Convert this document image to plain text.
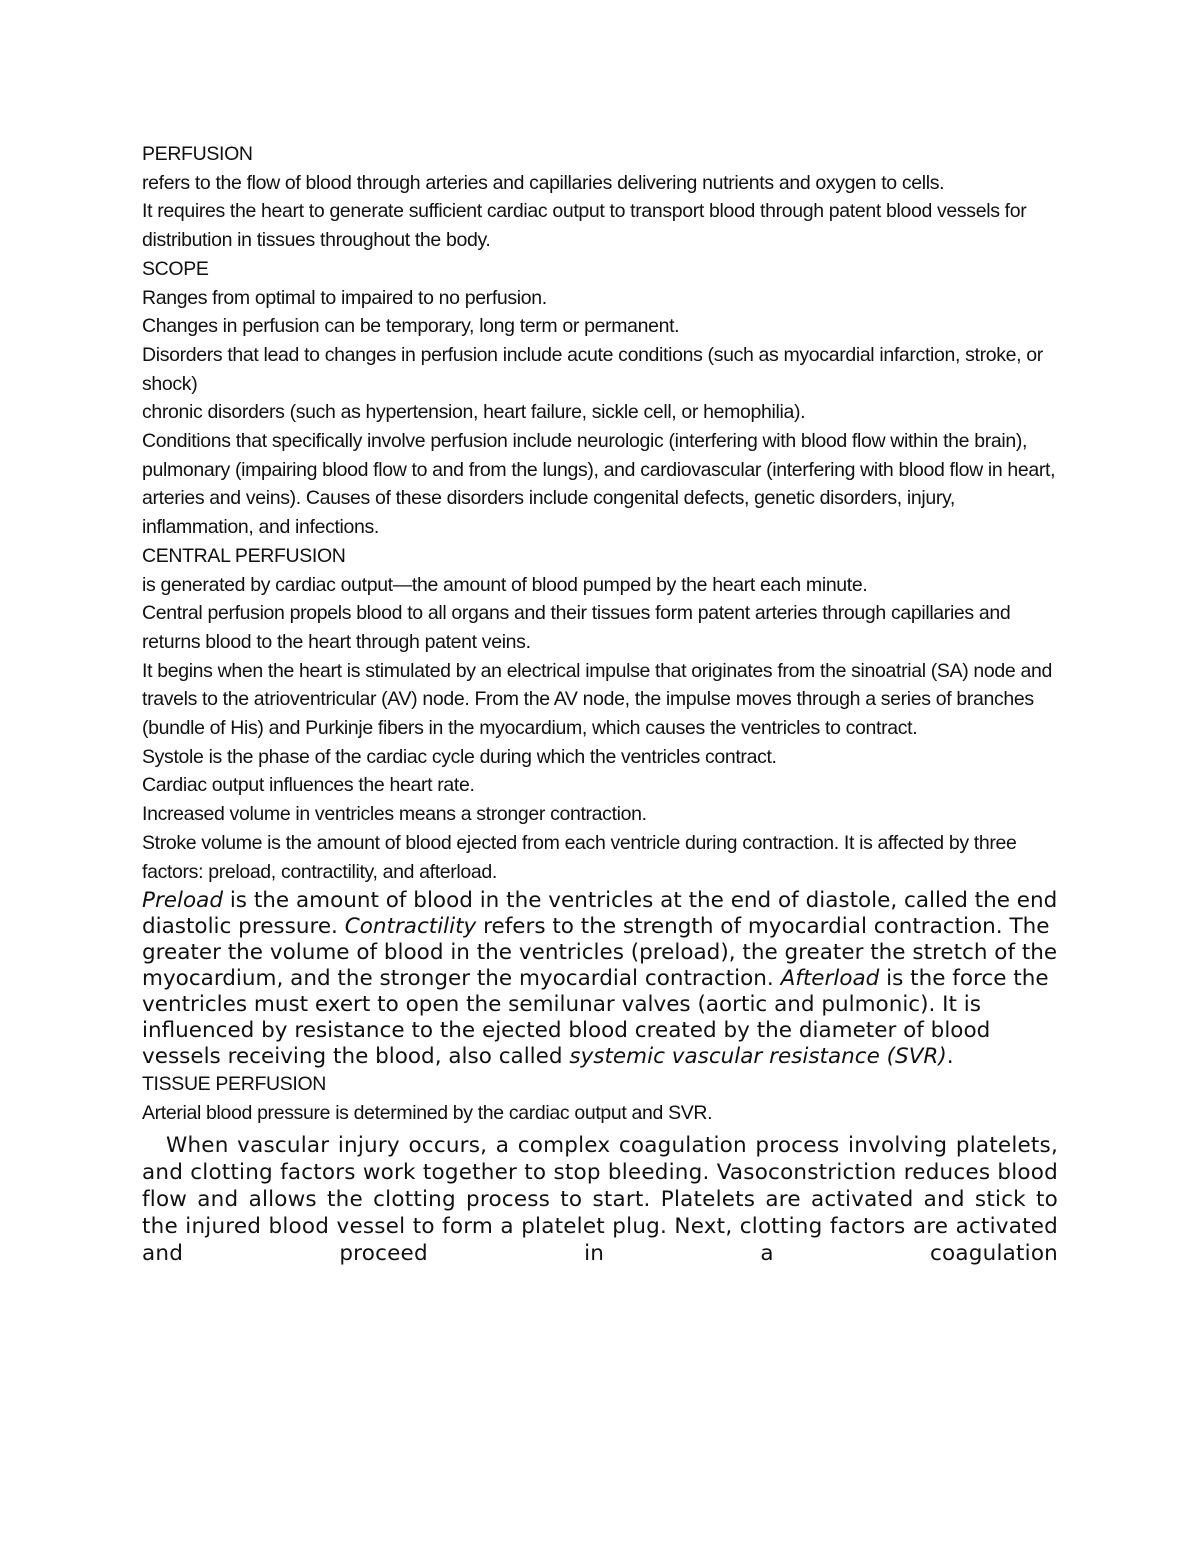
PERFUSION

refers to the flow of blood through arteries and capillaries delivering nutrients and oxygen to cells.

It requires the heart to generate sufficient cardiac output to transport blood through patent blood vessels for distribution in tissues throughout the body.

SCOPE

Ranges from optimal to impaired to no perfusion.

Changes in perfusion can be temporary, long term or permanent.

Disorders that lead to changes in perfusion include acute conditions (such as myocardial infarction, stroke, or shock)

chronic disorders (such as hypertension, heart failure, sickle cell, or hemophilia).

Conditions that specifically involve perfusion include neurologic (interfering with blood flow within the brain), pulmonary (impairing blood flow to and from the lungs), and cardiovascular (interfering with blood flow in heart, arteries and veins). Causes of these disorders include congenital defects, genetic disorders, injury, inflammation, and infections.

CENTRAL PERFUSION

is generated by cardiac output—the amount of blood pumped by the heart each minute.

Central perfusion propels blood to all organs and their tissues form patent arteries through capillaries and returns blood to the heart through patent veins.

It begins when the heart is stimulated by an electrical impulse that originates from the sinoatrial (SA) node and travels to the atrioventricular (AV) node. From the AV node, the impulse moves through a series of branches (bundle of His) and Purkinje fibers in the myocardium, which causes the ventricles to contract.

Systole is the phase of the cardiac cycle during which the ventricles contract.

Cardiac output influences the heart rate.

Increased volume in ventricles means a stronger contraction.

Stroke volume is the amount of blood ejected from each ventricle during contraction. It is affected by three factors: preload, contractility, and afterload.

Preload is the amount of blood in the ventricles at the end of diastole, called the end diastolic pressure. Contractility refers to the strength of myocardial contraction. The greater the volume of blood in the ventricles (preload), the greater the stretch of the myocardium, and the stronger the myocardial contraction. Afterload is the force the ventricles must exert to open the semilunar valves (aortic and pulmonic). It is influenced by resistance to the ejected blood created by the diameter of blood vessels receiving the blood, also called systemic vascular resistance (SVR).

TISSUE PERFUSION

Arterial blood pressure is determined by the cardiac output and SVR.

When vascular injury occurs, a complex coagulation process involving platelets, and clotting factors work together to stop bleeding. Vasoconstriction reduces blood flow and allows the clotting process to start. Platelets are activated and stick to the injured blood vessel to form a platelet plug. Next, clotting factors are activated and proceed in a coagulation
